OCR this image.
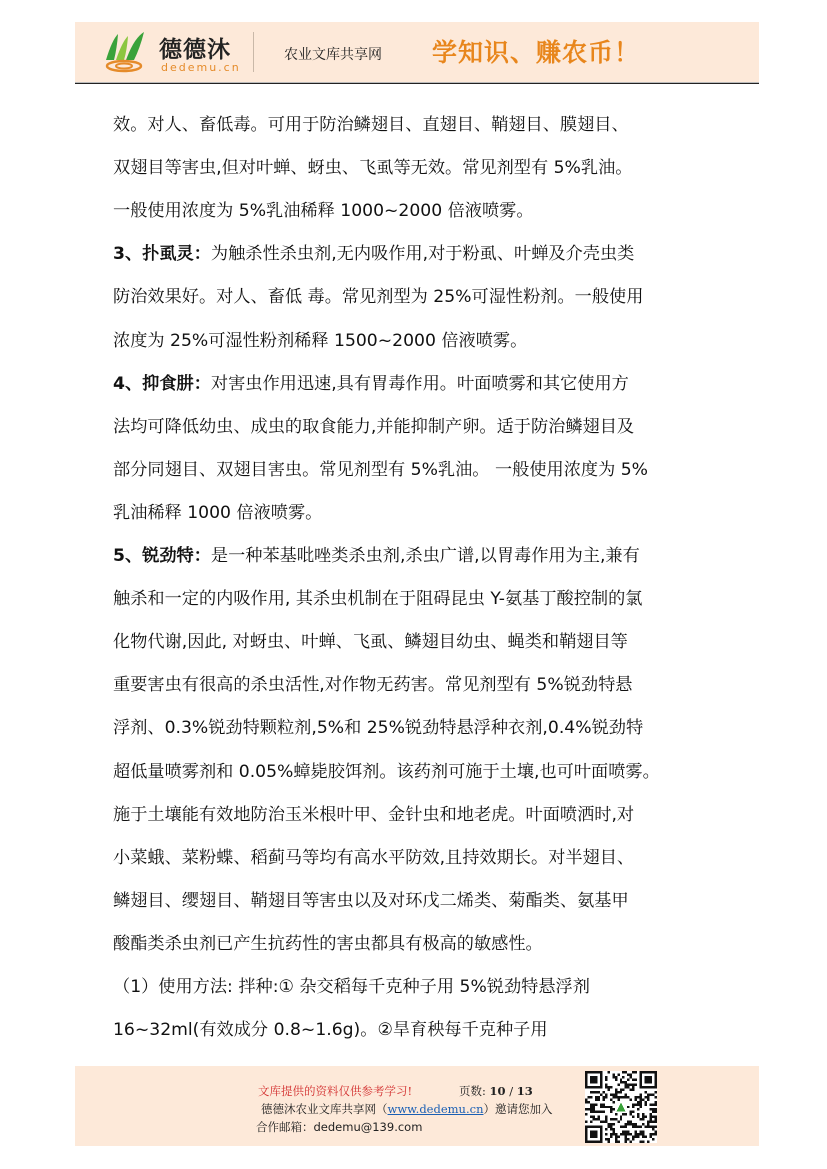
德德沐
dedemu.cn
农业文库共享网 学知识、赚农币！
效。对人、畜低毒。可用于防治鳞翅目、直翅目、鞘翅目、膜翅目、
双翅目等害虫,但对叶蝉、蚜虫、飞虱等无效。常见剂型有 5%乳油。
一般使用浓度为 5%乳油稀释 1000~2000 倍液喷雾。
3、扑虱灵：为触杀性杀虫剂,无内吸作用,对于粉虱、叶蝉及介壳虫类
防治效果好。对人、畜低 毒。常见剂型为 25%可湿性粉剂。一般使用
浓度为 25%可湿性粉剂稀释 1500~2000 倍液喷雾。
4、抑食肼：对害虫作用迅速,具有胃毒作用。叶面喷雾和其它使用方
法均可降低幼虫、成虫的取食能力,并能抑制产卵。适于防治鳞翅目及
部分同翅目、双翅目害虫。常见剂型有 5%乳油。 一般使用浓度为 5%
乳油稀释 1000 倍液喷雾。
5、锐劲特：是一种苯基吡唑类杀虫剂,杀虫广谱,以胃毒作用为主,兼有
触杀和一定的内吸作用, 其杀虫机制在于阻碍昆虫 Y-氨基丁酸控制的氯
化物代谢,因此, 对蚜虫、叶蝉、飞虱、鳞翅目幼虫、蝇类和鞘翅目等
重要害虫有很高的杀虫活性,对作物无药害。常见剂型有 5%锐劲特悬
浮剂、0.3%锐劲特颗粒剂,5%和 25%锐劲特悬浮种衣剂,0.4%锐劲特
超低量喷雾剂和 0.05%蟑毙胶饵剂。该药剂可施于土壤,也可叶面喷雾。
施于土壤能有效地防治玉米根叶甲、金针虫和地老虎。叶面喷洒时,对
小菜蛾、菜粉蝶、稻蓟马等均有高水平防效,且持效期长。对半翅目、
鳞翅目、缨翅目、鞘翅目等害虫以及对环戊二烯类、菊酯类、氨基甲
酸酯类杀虫剂已产生抗药性的害虫都具有极高的敏感性。
（1）使用方法: 拌种:① 杂交稻每千克种子用 5%锐劲特悬浮剂
16~32ml(有效成分 0.8~1.6g)。②旱育秧每千克种子用
文库提供的资料仅供参考学习!	页数: 10 / 13
德德沐农业文库共享网（www.dedemu.cn）邀请您加入
合作邮箱：dedemu@139.com
